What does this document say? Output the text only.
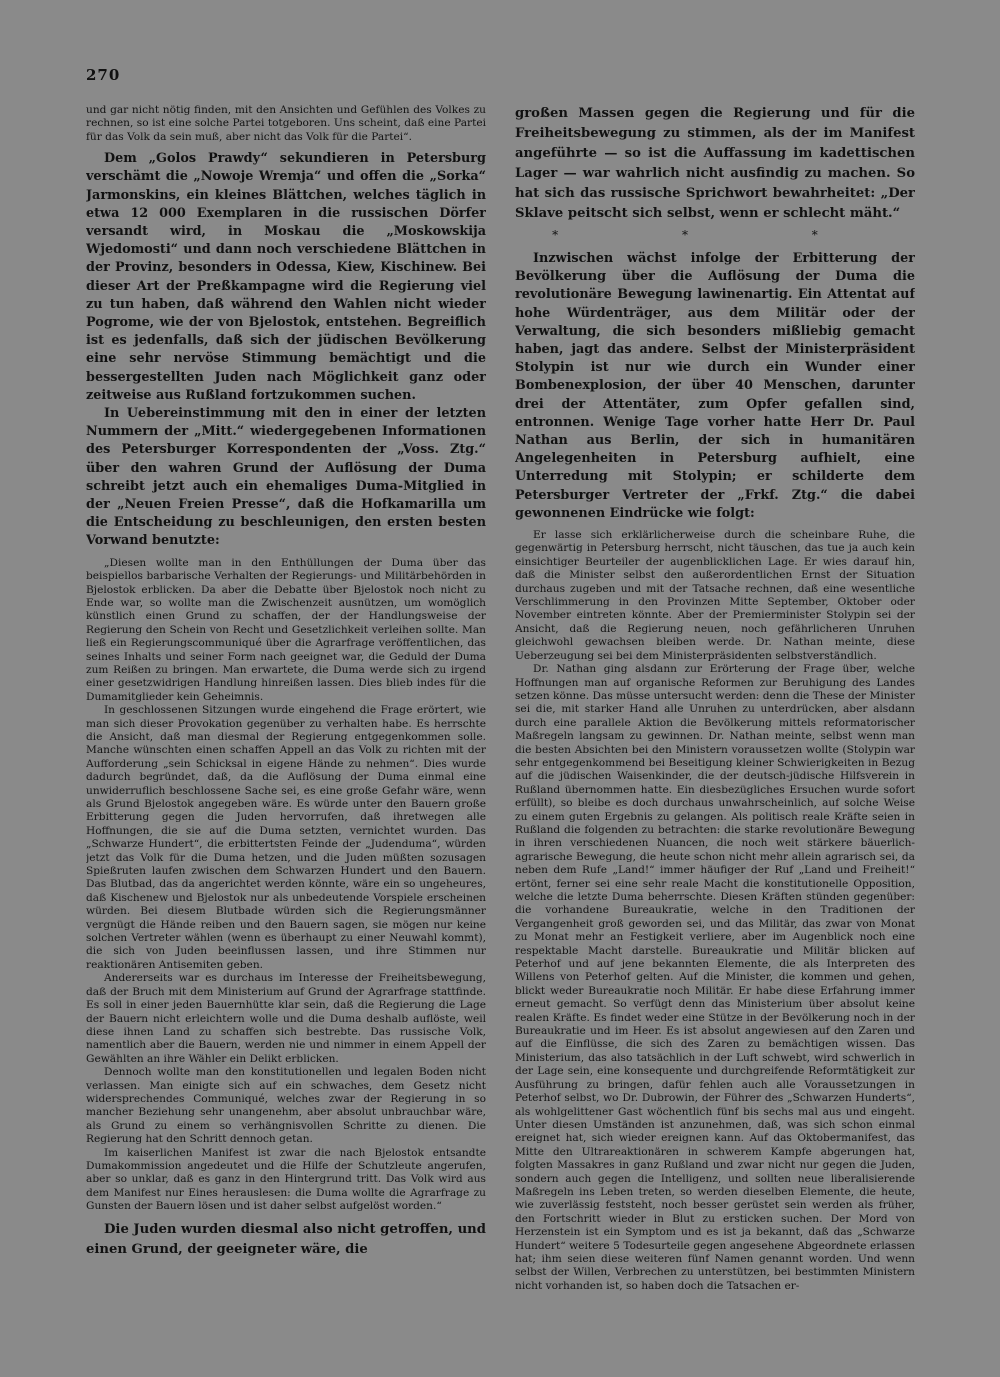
270

und gar nicht nötig finden, mit den Ansichten und Gefühlen des Volkes zu rechnen, so ist eine solche Partei totgeboren. Uns scheint, daß eine Partei für das Volk da sein muß, aber nicht das Volk für die Partei“.

Dem „Golos Prawdy“ sekundieren in Petersburg verschämt die „Nowoje Wremja“ und offen die „Sorka“ Jarmonskins, ein kleines Blättchen, welches täglich in etwa 12 000 Exemplaren in die russischen Dörfer versandt wird, in Moskau die „Moskowskija Wjedomosti“ und dann noch verschiedene Blättchen in der Provinz, besonders in Odessa, Kiew, Kischinew. Bei dieser Art der Preßkampagne wird die Regierung viel zu tun haben, daß während den Wahlen nicht wieder Pogrome, wie der von Bjelostok, entstehen. Begreiflich ist es jedenfalls, daß sich der jüdischen Bevölkerung eine sehr nervöse Stimmung bemächtigt und die bessergestellten Juden nach Möglichkeit ganz oder zeitweise aus Rußland fortzukommen suchen.

In Uebereinstimmung mit den in einer der letzten Nummern der „Mitt.“ wiedergegebenen Informationen des Petersburger Korrespondenten der „Voss. Ztg.“ über den wahren Grund der Auflösung der Duma schreibt jetzt auch ein ehemaliges Duma-Mitglied in der „Neuen Freien Presse“, daß die Hofkamarilla um die Entscheidung zu beschleunigen, den ersten besten Vorwand benutzte:

„Diesen wollte man in den Enthüllungen der Duma über das beispiellos barbarische Verhalten der Regierungs- und Militärbehörden in Bjelostok erblicken. Da aber die Debatte über Bjelostok noch nicht zu Ende war, so wollte man die Zwischenzeit ausnützen, um womöglich künstlich einen Grund zu schaffen, der der Handlungsweise der Regierung den Schein von Recht und Gesetzlichkeit verleihen sollte. Man ließ ein Regierungscommuniqué über die Agrarfrage veröffentlichen, das seines Inhalts und seiner Form nach geeignet war, die Geduld der Duma zum Reißen zu bringen. Man erwartete, die Duma werde sich zu irgend einer gesetzwidrigen Handlung hinreißen lassen. Dies blieb indes für die Dumamitglieder kein Geheimnis.

In geschlossenen Sitzungen wurde eingehend die Frage erörtert, wie man sich dieser Provokation gegenüber zu verhalten habe. Es herrschte die Ansicht, daß man diesmal der Regierung entgegenkommen solle. Manche wünschten einen schaffen Appell an das Volk zu richten mit der Aufforderung „sein Schicksal in eigene Hände zu nehmen“. Dies wurde dadurch begründet, daß, da die Auflösung der Duma einmal eine unwiderruflich beschlossene Sache sei, es eine große Gefahr wäre, wenn als Grund Bjelostok angegeben wäre. Es würde unter den Bauern große Erbitterung gegen die Juden hervorrufen, daß ihretwegen alle Hoffnungen, die sie auf die Duma setzten, vernichtet wurden. Das „Schwarze Hundert“, die erbittertsten Feinde der „Judenduma“, würden jetzt das Volk für die Duma hetzen, und die Juden müßten sozusagen Spießruten laufen zwischen dem Schwarzen Hundert und den Bauern. Das Blutbad, das da angerichtet werden könnte, wäre ein so ungeheures, daß Kischenew und Bjelostok nur als unbedeutende Vorspiele erscheinen würden. Bei diesem Blutbade würden sich die Regierungsmänner vergnügt die Hände reiben und den Bauern sagen, sie mögen nur keine solchen Vertreter wählen (wenn es überhaupt zu einer Neuwahl kommt), die sich von Juden beeinflussen lassen, und ihre Stimmen nur reaktionären Antisemiten geben.

Andererseits war es durchaus im Interesse der Freiheitsbewegung, daß der Bruch mit dem Ministerium auf Grund der Agrarfrage stattfinde. Es soll in einer jeden Bauernhütte klar sein, daß die Regierung die Lage der Bauern nicht erleichtern wolle und die Duma deshalb auflöste, weil diese ihnen Land zu schaffen sich bestrebte. Das russische Volk, namentlich aber die Bauern, werden nie und nimmer in einem Appell der Gewählten an ihre Wähler ein Delikt erblicken.

Dennoch wollte man den konstitutionellen und legalen Boden nicht verlassen. Man einigte sich auf ein schwaches, dem Gesetz nicht widersprechendes Communiqué, welches zwar der Regierung in so mancher Beziehung sehr unangenehm, aber absolut unbrauchbar wäre, als Grund zu einem so verhängnisvollen Schritte zu dienen. Die Regierung hat den Schritt dennoch getan.

Im kaiserlichen Manifest ist zwar die nach Bjelostok entsandte Dumakommission angedeutet und die Hilfe der Schutzleute angerufen, aber so unklar, daß es ganz in den Hintergrund tritt. Das Volk wird aus dem Manifest nur Eines herauslesen: die Duma wollte die Agrarfrage zu Gunsten der Bauern lösen und ist daher selbst aufgelöst worden.“

Die Juden wurden diesmal also nicht getroffen, und einen Grund, der geeigneter wäre, die

großen Massen gegen die Regierung und für die Freiheitsbewegung zu stimmen, als der im Manifest angeführte — so ist die Auffassung im kadettischen Lager — war wahrlich nicht ausfindig zu machen. So hat sich das russische Sprichwort bewahrheitet: „Der Sklave peitscht sich selbst, wenn er schlecht mäht.“

* * *

Inzwischen wächst infolge der Erbitterung der Bevölkerung über die Auflösung der Duma die revolutionäre Bewegung lawinenartig. Ein Attentat auf hohe Würdenträger, aus dem Militär oder der Verwaltung, die sich besonders mißliebig gemacht haben, jagt das andere. Selbst der Ministerpräsident Stolypin ist nur wie durch ein Wunder einer Bombenexplosion, der über 40 Menschen, darunter drei der Attentäter, zum Opfer gefallen sind, entronnen. Wenige Tage vorher hatte Herr Dr. Paul Nathan aus Berlin, der sich in humanitären Angelegenheiten in Petersburg aufhielt, eine Unterredung mit Stolypin; er schilderte dem Petersburger Vertreter der „Frkf. Ztg.“ die dabei gewonnenen Eindrücke wie folgt:

Er lasse sich erklärlicherweise durch die scheinbare Ruhe, die gegenwärtig in Petersburg herrscht, nicht täuschen, das tue ja auch kein einsichtiger Beurteiler der augenblicklichen Lage. Er wies darauf hin, daß die Minister selbst den außerordentlichen Ernst der Situation durchaus zugeben und mit der Tatsache rechnen, daß eine wesentliche Verschlimmerung in den Provinzen Mitte September, Oktober oder November eintreten könnte. Aber der Premierminister Stolypin sei der Ansicht, daß die Regierung neuen, noch gefährlicheren Unruhen gleichwohl gewachsen bleiben werde. Dr. Nathan meinte, diese Ueberzeugung sei bei dem Ministerpräsidenten selbstverständlich.

Dr. Nathan ging alsdann zur Erörterung der Frage über, welche Hoffnungen man auf organische Reformen zur Beruhigung des Landes setzen könne. Das müsse untersucht werden: denn die These der Minister sei die, mit starker Hand alle Unruhen zu unterdrücken, aber alsdann durch eine parallele Aktion die Bevölkerung mittels reformatorischer Maßregeln langsam zu gewinnen. Dr. Nathan meinte, selbst wenn man die besten Absichten bei den Ministern voraussetzen wollte (Stolypin war sehr entgegenkommend bei Beseitigung kleiner Schwierigkeiten in Bezug auf die jüdischen Waisenkinder, die der deutsch-jüdische Hilfsverein in Rußland übernommen hatte. Ein diesbezügliches Ersuchen wurde sofort erfüllt), so bleibe es doch durchaus unwahrscheinlich, auf solche Weise zu einem guten Ergebnis zu gelangen. Als politisch reale Kräfte seien in Rußland die folgenden zu betrachten: die starke revolutionäre Bewegung in ihren verschiedenen Nuancen, die noch weit stärkere bäuerlich-agrarische Bewegung, die heute schon nicht mehr allein agrarisch sei, da neben dem Rufe „Land!“ immer häufiger der Ruf „Land und Freiheit!“ ertönt, ferner sei eine sehr reale Macht die konstitutionelle Opposition, welche die letzte Duma beherrschte. Diesen Kräften stünden gegenüber: die vorhandene Bureaukratie, welche in den Traditionen der Vergangenheit groß geworden sei, und das Militär, das zwar von Monat zu Monat mehr an Festigkeit verliere, aber im Augenblick noch eine respektable Macht darstelle. Bureaukratie und Militär blicken auf Peterhof und auf jene bekannten Elemente, die als Interpreten des Willens von Peterhof gelten. Auf die Minister, die kommen und gehen, blickt weder Bureaukratie noch Militär. Er habe diese Erfahrung immer erneut gemacht. So verfügt denn das Ministerium über absolut keine realen Kräfte. Es findet weder eine Stütze in der Bevölkerung noch in der Bureaukratie und im Heer. Es ist absolut angewiesen auf den Zaren und auf die Einflüsse, die sich des Zaren zu bemächtigen wissen. Das Ministerium, das also tatsächlich in der Luft schwebt, wird schwerlich in der Lage sein, eine konsequente und durchgreifende Reformtätigkeit zur Ausführung zu bringen, dafür fehlen auch alle Voraussetzungen in Peterhof selbst, wo Dr. Dubrowin, der Führer des „Schwarzen Hunderts“, als wohlgelittener Gast wöchentlich fünf bis sechs mal aus und eingeht. Unter diesen Umständen ist anzunehmen, daß, was sich schon einmal ereignet hat, sich wieder ereignen kann. Auf das Oktobermanifest, das Mitte den Ultrareaktionären in schwerem Kampfe abgerungen hat, folgten Massakres in ganz Rußland und zwar nicht nur gegen die Juden, sondern auch gegen die Intelligenz, und sollten neue liberalisierende Maßregeln ins Leben treten, so werden dieselben Elemente, die heute, wie zuverlässig feststeht, noch besser gerüstet sein werden als früher, den Fortschritt wieder in Blut zu ersticken suchen. Der Mord von Herzenstein ist ein Symptom und es ist ja bekannt, daß das „Schwarze Hundert“ weitere 5 Todesurteile gegen angesehene Abgeordnete erlassen hat; ihm seien diese weiteren fünf Namen genannt worden. Und wenn selbst der Willen, Verbrechen zu unterstützen, bei bestimmten Ministern nicht vorhanden ist, so haben doch die Tatsachen er-
